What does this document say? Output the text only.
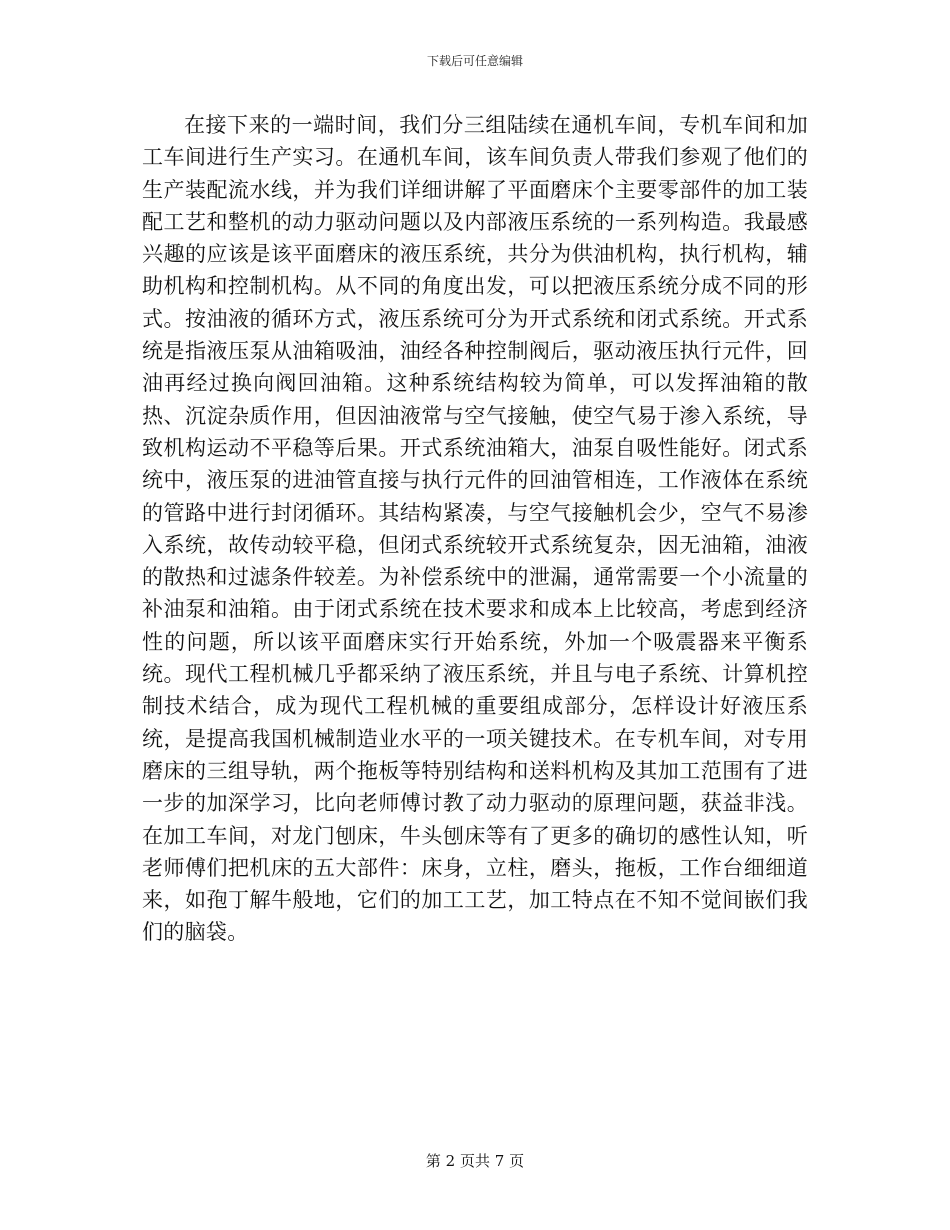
下载后可任意编辑

在接下来的一端时间，我们分三组陆续在通机车间，专机车间和加工车间进行生产实习。在通机车间，该车间负责人带我们参观了他们的生产装配流水线，并为我们详细讲解了平面磨床个主要零部件的加工装配工艺和整机的动力驱动问题以及内部液压系统的一系列构造。我最感兴趣的应该是该平面磨床的液压系统，共分为供油机构，执行机构，辅助机构和控制机构。从不同的角度出发，可以把液压系统分成不同的形式。按油液的循环方式，液压系统可分为开式系统和闭式系统。开式系统是指液压泵从油箱吸油，油经各种控制阀后，驱动液压执行元件，回油再经过换向阀回油箱。这种系统结构较为简单，可以发挥油箱的散热、沉淀杂质作用，但因油液常与空气接触，使空气易于渗入系统，导致机构运动不平稳等后果。开式系统油箱大，油泵自吸性能好。闭式系统中，液压泵的进油管直接与执行元件的回油管相连，工作液体在系统的管路中进行封闭循环。其结构紧凑，与空气接触机会少，空气不易渗入系统，故传动较平稳，但闭式系统较开式系统复杂，因无油箱，油液的散热和过滤条件较差。为补偿系统中的泄漏，通常需要一个小流量的补油泵和油箱。由于闭式系统在技术要求和成本上比较高，考虑到经济性的问题，所以该平面磨床实行开始系统，外加一个吸震器来平衡系统。现代工程机械几乎都采纳了液压系统，并且与电子系统、计算机控制技术结合，成为现代工程机械的重要组成部分，怎样设计好液压系统，是提高我国机械制造业水平的一项关键技术。在专机车间，对专用磨床的三组导轨，两个拖板等特别结构和送料机构及其加工范围有了进一步的加深学习，比向老师傅讨教了动力驱动的原理问题，获益非浅。在加工车间，对龙门刨床，牛头刨床等有了更多的确切的感性认知，听老师傅们把机床的五大部件：床身，立柱，磨头，拖板，工作台细细道来，如孢丁解牛般地，它们的加工工艺，加工特点在不知不觉间嵌们我们的脑袋。

第 2 页共 7 页
